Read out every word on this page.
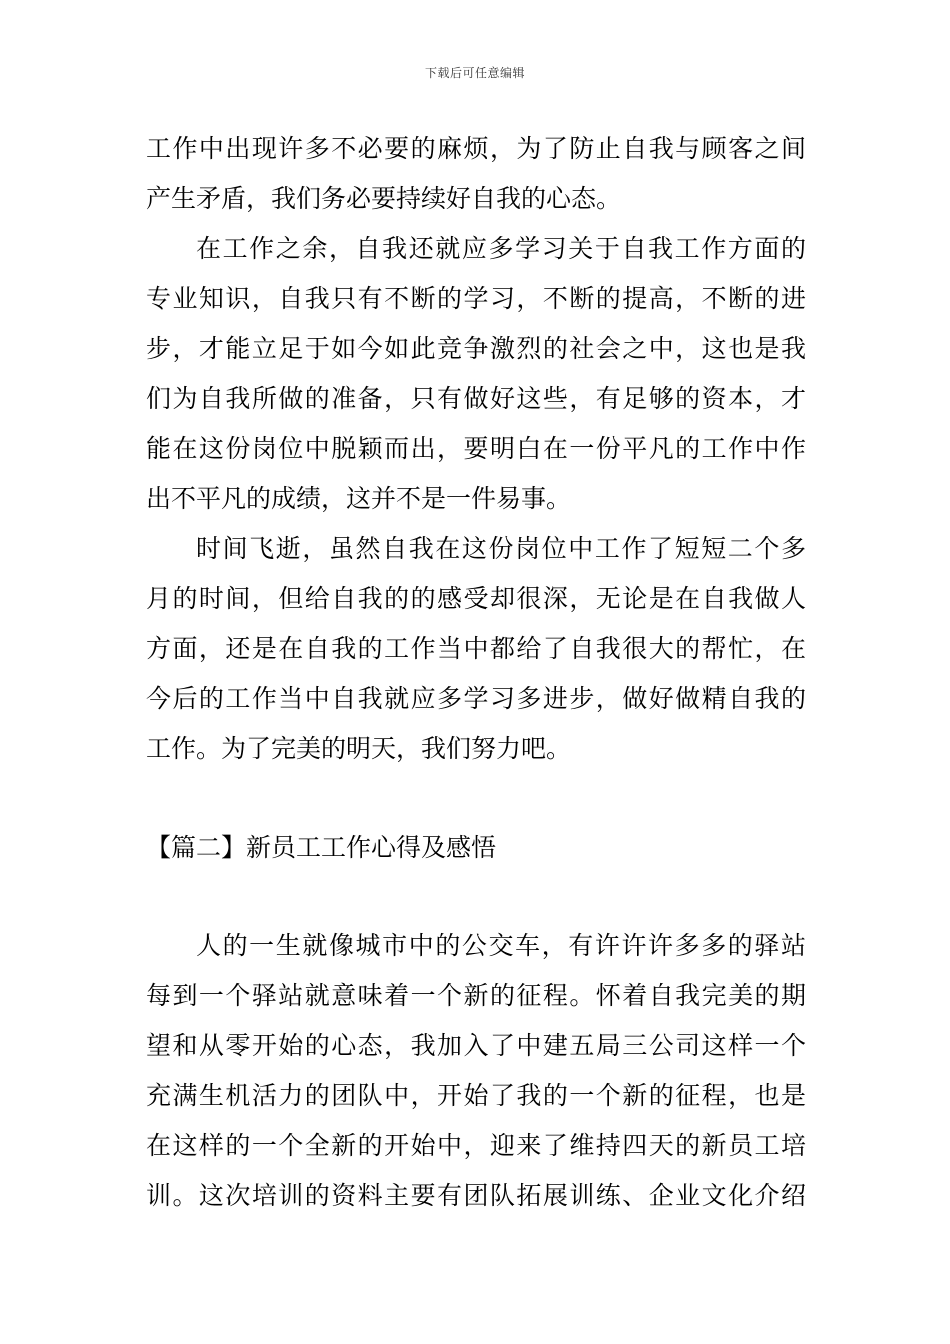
下载后可任意编辑
工作中出现许多不必要的麻烦，为了防止自我与顾客之间
产生矛盾，我们务必要持续好自我的心态。
在工作之余，自我还就应多学习关于自我工作方面的
专业知识，自我只有不断的学习，不断的提高，不断的进
步，才能立足于如今如此竞争激烈的社会之中，这也是我
们为自我所做的准备，只有做好这些，有足够的资本，才
能在这份岗位中脱颖而出，要明白在一份平凡的工作中作
出不平凡的成绩，这并不是一件易事。
时间飞逝，虽然自我在这份岗位中工作了短短二个多
月的时间，但给自我的的感受却很深，无论是在自我做人
方面，还是在自我的工作当中都给了自我很大的帮忙，在
今后的工作当中自我就应多学习多进步，做好做精自我的
工作。为了完美的明天，我们努力吧。
【篇二】新员工工作心得及感悟
人的一生就像城市中的公交车，有许许许多多的驿站
每到一个驿站就意味着一个新的征程。怀着自我完美的期
望和从零开始的心态，我加入了中建五局三公司这样一个
充满生机活力的团队中，开始了我的一个新的征程，也是
在这样的一个全新的开始中，迎来了维持四天的新员工培
训。这次培训的资料主要有团队拓展训练、企业文化介绍
